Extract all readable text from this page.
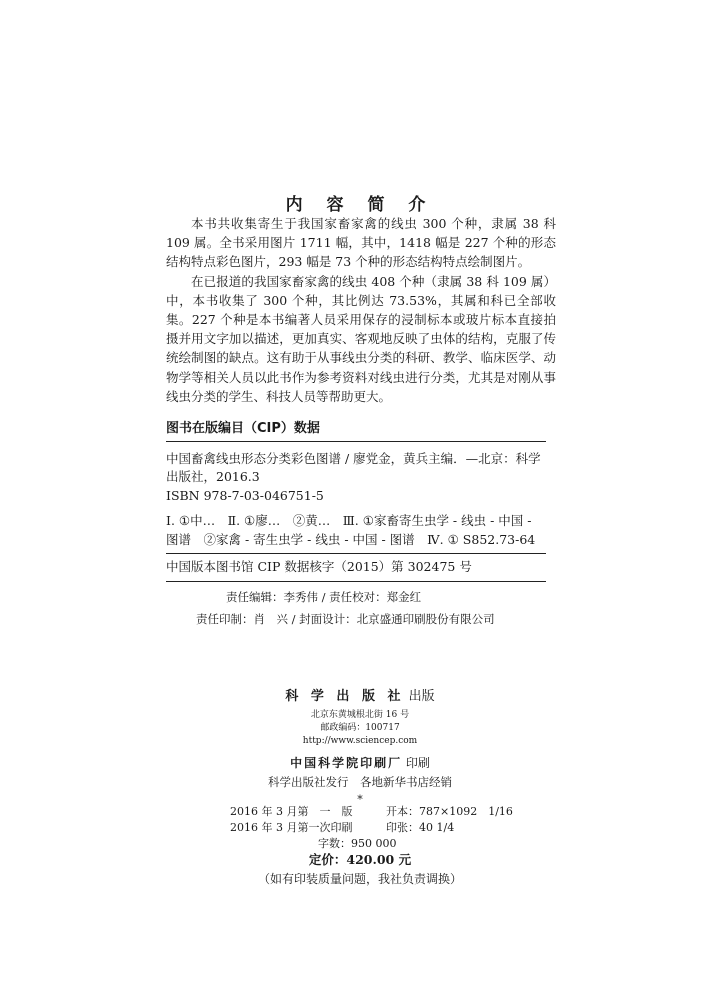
内 容 简 介

本书共收集寄生于我国家畜家禽的线虫 300 个种，隶属 38 科 109 属。全书采用图片 1711 幅，其中，1418 幅是 227 个种的形态结构特点彩色图片，293 幅是 73 个种的形态结构特点绘制图片。

在已报道的我国家畜家禽的线虫 408 个种（隶属 38 科 109 属）中，本书收集了 300 个种，其比例达 73.53%，其属和科已全部收集。227 个种是本书编著人员采用保存的浸制标本或玻片标本直接拍摄并用文字加以描述，更加真实、客观地反映了虫体的结构，克服了传统绘制图的缺点。这有助于从事线虫分类的科研、教学、临床医学、动物学等相关人员以此书作为参考资料对线虫进行分类，尤其是对刚从事线虫分类的学生、科技人员等帮助更大。

图书在版编目（CIP）数据

中国畜禽线虫形态分类彩色图谱 / 廖党金，黄兵主编．—北京：科学出版社，2016.3

ISBN 978-7-03-046751-5

Ⅰ. ①中…　Ⅱ. ①廖…　②黄…　Ⅲ. ①家畜寄生虫学 - 线虫 - 中国 - 图谱　②家禽 - 寄生虫学 - 线虫 - 中国 - 图谱　Ⅳ. ① S852.73-64

中国版本图书馆 CIP 数据核字（2015）第 302475 号

责任编辑：李秀伟 / 责任校对：郑金红
责任印制：肖　兴 / 封面设计：北京盛通印刷股份有限公司
科 学 出 版 社 出版
北京东黄城根北街 16 号
邮政编码：100717
http://www.sciencep.com
中国科学院印刷厂 印刷
科学出版社发行　各地新华书店经销
*
2016 年 3 月第　一　版	开本：787×1092　1/16
2016 年 3 月第一次印刷	印张：40 1/4
字数：950 000
定价：420.00 元
（如有印装质量问题，我社负责调换）
